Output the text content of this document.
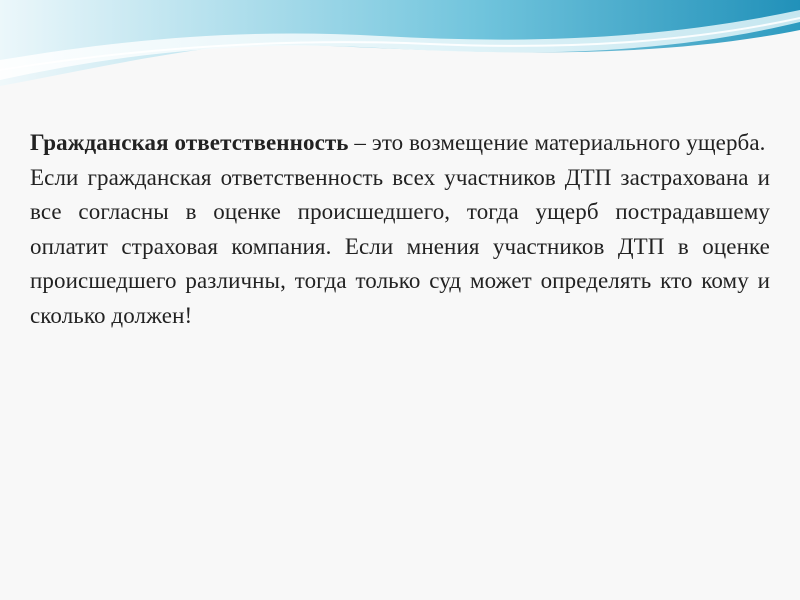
Гражданская ответственность – это возмещение материального ущерба.

Если гражданская ответственность всех участников ДТП застрахована и все согласны в оценке происшедшего, тогда ущерб пострадавшему оплатит страховая компания. Если мнения участников ДТП в оценке происшедшего различны, тогда только суд может определять кто кому и сколько должен!
